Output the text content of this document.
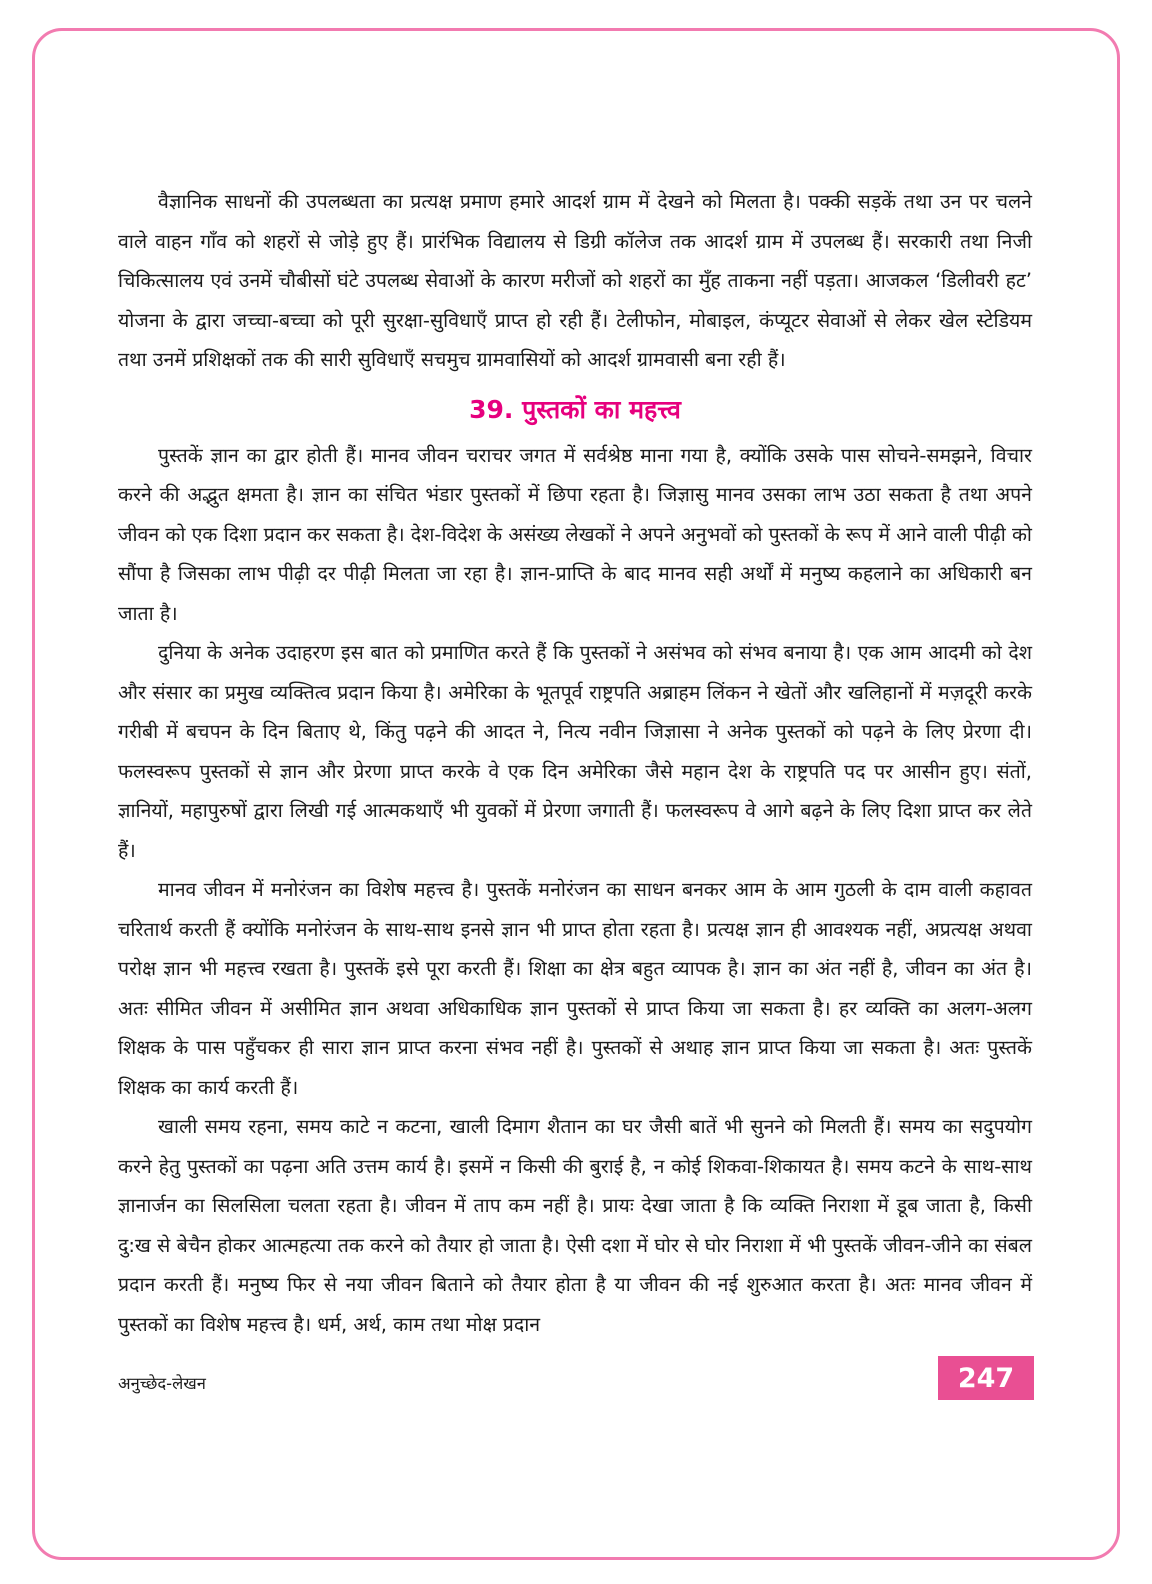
वैज्ञानिक साधनों की उपलब्धता का प्रत्यक्ष प्रमाण हमारे आदर्श ग्राम में देखने को मिलता है। पक्की सड़कें तथा उन पर चलने वाले वाहन गाँव को शहरों से जोड़े हुए हैं। प्रारंभिक विद्यालय से डिग्री कॉलेज तक आदर्श ग्राम में उपलब्ध हैं। सरकारी तथा निजी चिकित्सालय एवं उनमें चौबीसों घंटे उपलब्ध सेवाओं के कारण मरीजों को शहरों का मुँह ताकना नहीं पड़ता। आजकल ‘डिलीवरी हट’ योजना के द्वारा जच्चा-बच्चा को पूरी सुरक्षा-सुविधाएँ प्राप्त हो रही हैं। टेलीफोन, मोबाइल, कंप्यूटर सेवाओं से लेकर खेल स्टेडियम तथा उनमें प्रशिक्षकों तक की सारी सुविधाएँ सचमुच ग्रामवासियों को आदर्श ग्रामवासी बना रही हैं।

39. पुस्तकों का महत्त्व

पुस्तकें ज्ञान का द्वार होती हैं। मानव जीवन चराचर जगत में सर्वश्रेष्ठ माना गया है, क्योंकि उसके पास सोचने-समझने, विचार करने की अद्भुत क्षमता है। ज्ञान का संचित भंडार पुस्तकों में छिपा रहता है। जिज्ञासु मानव उसका लाभ उठा सकता है तथा अपने जीवन को एक दिशा प्रदान कर सकता है। देश-विदेश के असंख्य लेखकों ने अपने अनुभवों को पुस्तकों के रूप में आने वाली पीढ़ी को सौंपा है जिसका लाभ पीढ़ी दर पीढ़ी मिलता जा रहा है। ज्ञान-प्राप्ति के बाद मानव सही अर्थों में मनुष्य कहलाने का अधिकारी बन जाता है।

दुनिया के अनेक उदाहरण इस बात को प्रमाणित करते हैं कि पुस्तकों ने असंभव को संभव बनाया है। एक आम आदमी को देश और संसार का प्रमुख व्यक्तित्व प्रदान किया है। अमेरिका के भूतपूर्व राष्ट्रपति अब्राहम लिंकन ने खेतों और खलिहानों में मज़दूरी करके गरीबी में बचपन के दिन बिताए थे, किंतु पढ़ने की आदत ने, नित्य नवीन जिज्ञासा ने अनेक पुस्तकों को पढ़ने के लिए प्रेरणा दी। फलस्वरूप पुस्तकों से ज्ञान और प्रेरणा प्राप्त करके वे एक दिन अमेरिका जैसे महान देश के राष्ट्रपति पद पर आसीन हुए। संतों, ज्ञानियों, महापुरुषों द्वारा लिखी गई आत्मकथाएँ भी युवकों में प्रेरणा जगाती हैं। फलस्वरूप वे आगे बढ़ने के लिए दिशा प्राप्त कर लेते हैं।

मानव जीवन में मनोरंजन का विशेष महत्त्व है। पुस्तकें मनोरंजन का साधन बनकर आम के आम गुठली के दाम वाली कहावत चरितार्थ करती हैं क्योंकि मनोरंजन के साथ-साथ इनसे ज्ञान भी प्राप्त होता रहता है। प्रत्यक्ष ज्ञान ही आवश्यक नहीं, अप्रत्यक्ष अथवा परोक्ष ज्ञान भी महत्त्व रखता है। पुस्तकें इसे पूरा करती हैं। शिक्षा का क्षेत्र बहुत व्यापक है। ज्ञान का अंत नहीं है, जीवन का अंत है। अतः सीमित जीवन में असीमित ज्ञान अथवा अधिकाधिक ज्ञान पुस्तकों से प्राप्त किया जा सकता है। हर व्यक्ति का अलग-अलग शिक्षक के पास पहुँचकर ही सारा ज्ञान प्राप्त करना संभव नहीं है। पुस्तकों से अथाह ज्ञान प्राप्त किया जा सकता है। अतः पुस्तकें शिक्षक का कार्य करती हैं।

खाली समय रहना, समय काटे न कटना, खाली दिमाग शैतान का घर जैसी बातें भी सुनने को मिलती हैं। समय का सदुपयोग करने हेतु पुस्तकों का पढ़ना अति उत्तम कार्य है। इसमें न किसी की बुराई है, न कोई शिकवा-शिकायत है। समय कटने के साथ-साथ ज्ञानार्जन का सिलसिला चलता रहता है। जीवन में ताप कम नहीं है। प्रायः देखा जाता है कि व्यक्ति निराशा में डूब जाता है, किसी दु:ख से बेचैन होकर आत्महत्या तक करने को तैयार हो जाता है। ऐसी दशा में घोर से घोर निराशा में भी पुस्तकें जीवन-जीने का संबल प्रदान करती हैं। मनुष्य फिर से नया जीवन बिताने को तैयार होता है या जीवन की नई शुरुआत करता है। अतः मानव जीवन में पुस्तकों का विशेष महत्त्व है। धर्म, अर्थ, काम तथा मोक्ष प्रदान

अनुच्छेद-लेखन	247
